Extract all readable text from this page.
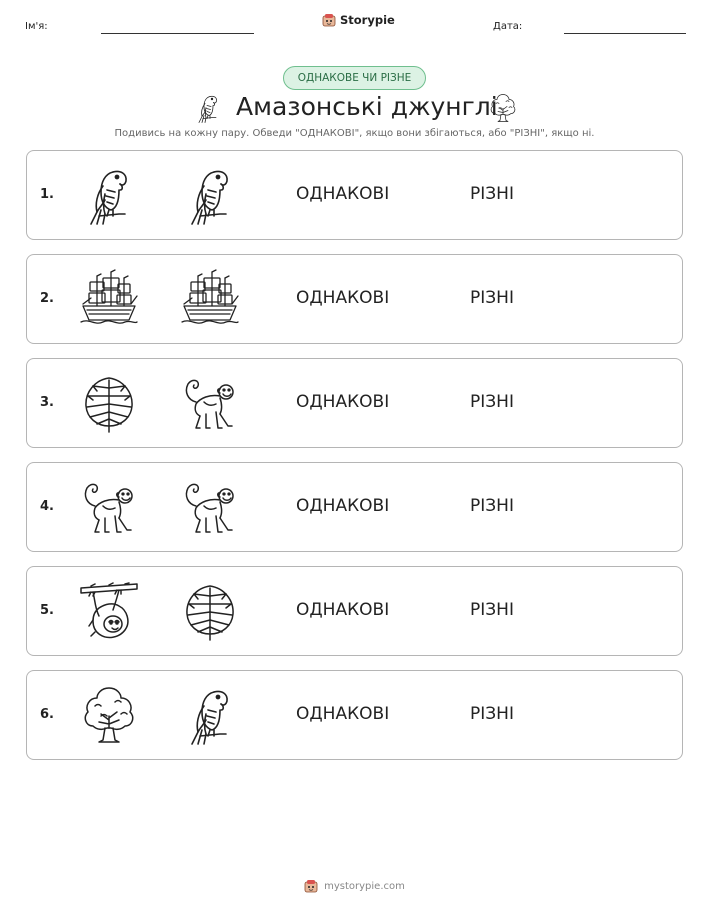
Ім'я:	Storypie	Дата:
ОДНАКОВЕ ЧИ РІЗНЕ
Амазонські джунглі
Подивись на кожну пару. Обведи "ОДНАКОВІ", якщо вони збігаються, або "РІЗНІ", якщо ні.
1.	ОДНАКОВІ	РІЗНІ
2.	ОДНАКОВІ	РІЗНІ
3.	ОДНАКОВІ	РІЗНІ
4.	ОДНАКОВІ	РІЗНІ
5.	ОДНАКОВІ	РІЗНІ
6.	ОДНАКОВІ	РІЗНІ
mystorypie.com
